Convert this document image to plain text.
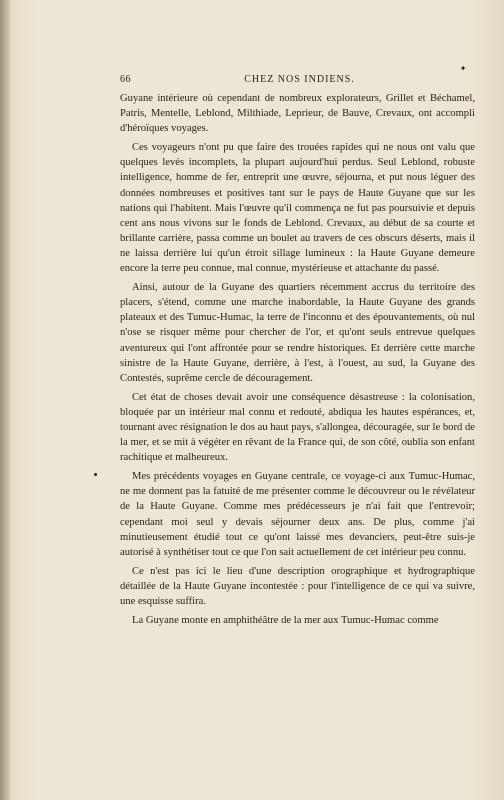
66	CHEZ NOS INDIENS.
✦

Guyane intérieure où cependant de nombreux explorateurs, Grillet et Béchamel, Patris, Mentelle, Leblond, Milthiade, Leprieur, de Bauve, Crevaux, ont accompli d'héroïques voyages.

Ces voyageurs n'ont pu que faire des trouées rapides qui ne nous ont valu que quelques levés incomplets, la plupart aujourd'hui perdus. Seul Leblond, robuste intelligence, homme de fer, entreprit une œuvre, séjourna, et put nous léguer des données nombreuses et positives tant sur le pays de Haute Guyane que sur les nations qui l'habitent. Mais l'œuvre qu'il commença ne fut pas poursuivie et depuis cent ans nous vivons sur le fonds de Leblond. Crevaux, au début de sa courte et brillante carrière, passa comme un boulet au travers de ces obscurs déserts, mais il ne laissa derrière lui qu'un étroit sillage lumineux : la Haute Guyane demeure encore la terre peu connue, mal connue, mystérieuse et attachante du passé.

Ainsi, autour de la Guyane des quartiers récemment accrus du territoire des placers, s'étend, comme une marche inabordable, la Haute Guyane des grands plateaux et des Tumuc-Humac, la terre de l'inconnu et des épouvantements, où nul n'ose se risquer même pour chercher de l'or, et qu'ont seuls entrevue quelques aventureux qui l'ont affrontée pour se rendre historiques. Et derrière cette marche sinistre de la Haute Guyane, derrière, à l'est, à l'ouest, au sud, la Guyane des Contestés, suprême cercle de découragement.

Cet état de choses devait avoir une conséquence désastreuse : la colonisation, bloquée par un intérieur mal connu et redouté, abdiqua les hautes espérances, et, tournant avec résignation le dos au haut pays, s'allongea, découragée, sur le bord de la mer, et se mit à végéter en rêvant de la France qui, de son côté, oublia son enfant rachitique et malheureux.

Mes précédents voyages en Guyane centrale, ce voyage-ci aux Tumuc-Humac, ne me donnent pas la fatuité de me présenter comme le découvreur ou le révélateur de la Haute Guyane. Comme mes prédécesseurs je n'ai fait que l'entrevoir; cependant moi seul y devais séjourner deux ans. De plus, comme j'ai minutieusement étudié tout ce qu'ont laissé mes devanciers, peut-être suis-je autorisé à synthétiser tout ce que l'on sait actuellement de cet intérieur peu connu.

Ce n'est pas ici le lieu d'une description orographique et hydrographique détaillée de la Haute Guyane incontestée : pour l'intelligence de ce qui va suivre, une esquisse suffira.

La Guyane monte en amphithéâtre de la mer aux Tumuc-Humac comme
